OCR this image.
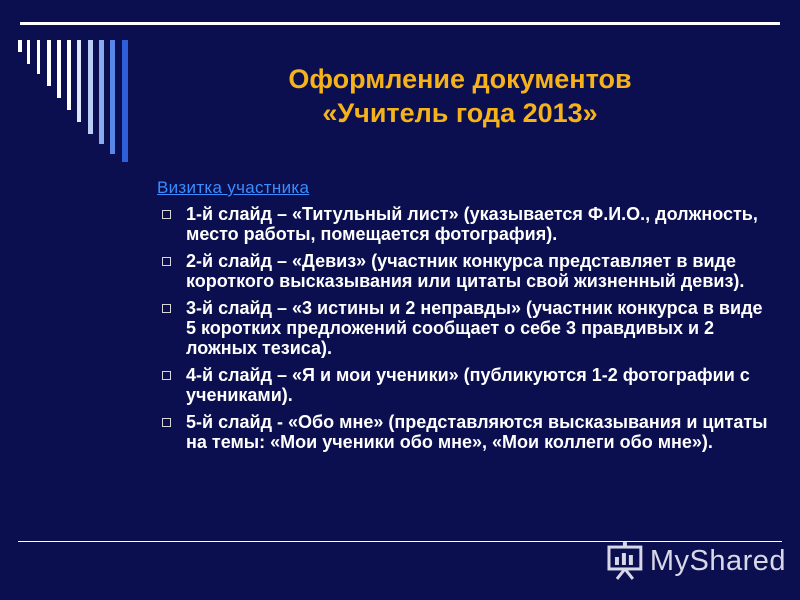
Оформление документов
«Учитель года 2013»
Визитка участника
1-й слайд – «Титульный лист» (указывается Ф.И.О., должность, место работы, помещается фотография).
2-й слайд – «Девиз» (участник конкурса представляет в виде короткого высказывания или цитаты свой жизненный девиз).
3-й слайд – «3 истины и 2 неправды» (участник конкурса в виде 5 коротких предложений сообщает о себе 3 правдивых и 2 ложных тезиса).
4-й слайд – «Я и мои ученики» (публикуются 1-2 фотографии с учениками).
5-й слайд - «Обо мне» (представляются высказывания и цитаты на темы: «Мои ученики обо мне», «Мои коллеги обо мне»).
MyShared
